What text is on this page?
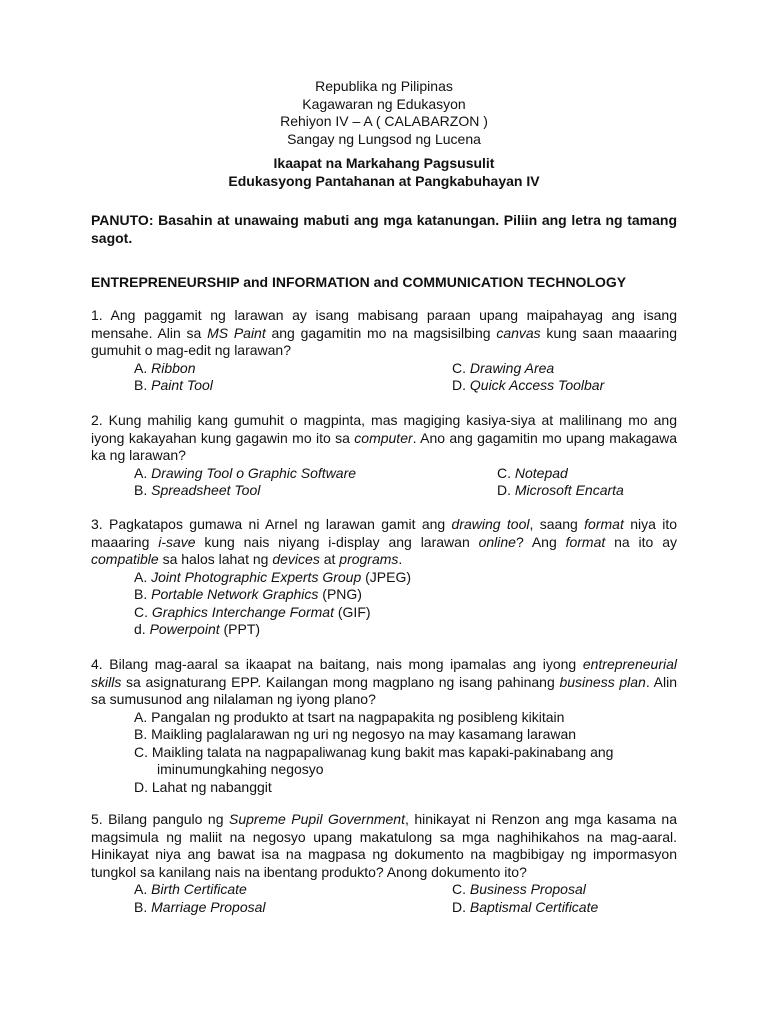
Republika ng Pilipinas
Kagawaran ng Edukasyon
Rehiyon IV – A ( CALABARZON )
Sangay ng Lungsod ng Lucena
Ikaapat na Markahang Pagsusulit
Edukasyong Pantahanan at Pangkabuhayan IV
PANUTO: Basahin at unawaing mabuti ang mga katanungan. Piliin ang letra ng tamang sagot.
ENTREPRENEURSHIP and INFORMATION and COMMUNICATION TECHNOLOGY

1. Ang paggamit ng larawan ay isang mabisang paraan upang maipahayag ang isang mensahe. Alin sa MS Paint ang gagamitin mo na magsisilbing canvas kung saan maaaring gumuhit o mag-edit ng larawan?

A. Ribbon	C. Drawing Area
B. Paint Tool	D. Quick Access Toolbar

2. Kung mahilig kang gumuhit o magpinta, mas magiging kasiya-siya at malilinang mo ang iyong kakayahan kung gagawin mo ito sa computer. Ano ang gagamitin mo upang makagawa ka ng larawan?

A. Drawing Tool o Graphic Software	C. Notepad
B. Spreadsheet Tool	D. Microsoft Encarta

3. Pagkatapos gumawa ni Arnel ng larawan gamit ang drawing tool, saang format niya ito maaaring i-save kung nais niyang i-display ang larawan online? Ang format na ito ay compatible sa halos lahat ng devices at programs.

A. Joint Photographic Experts Group (JPEG)
B. Portable Network Graphics (PNG)
C. Graphics Interchange Format (GIF)
d. Powerpoint (PPT)

4. Bilang mag-aaral sa ikaapat na baitang, nais mong ipamalas ang iyong entrepreneurial skills sa asignaturang EPP. Kailangan mong magplano ng isang pahinang business plan. Alin sa sumusunod ang nilalaman ng iyong plano?

A. Pangalan ng produkto at tsart na nagpapakita ng posibleng kikitain
B. Maikling paglalarawan ng uri ng negosyo na may kasamang larawan
C. Maikling talata na nagpapaliwanag kung bakit mas kapaki-pakinabang ang
iminumungkahing negosyo
D. Lahat ng nabanggit

5. Bilang pangulo ng Supreme Pupil Government, hinikayat ni Renzon ang mga kasama na magsimula ng maliit na negosyo upang makatulong sa mga naghihikahos na mag-aaral. Hinikayat niya ang bawat isa na magpasa ng dokumento na magbibigay ng impormasyon tungkol sa kanilang nais na ibentang produkto? Anong dokumento ito?

A. Birth Certificate	C. Business Proposal
B. Marriage Proposal	D. Baptismal Certificate
